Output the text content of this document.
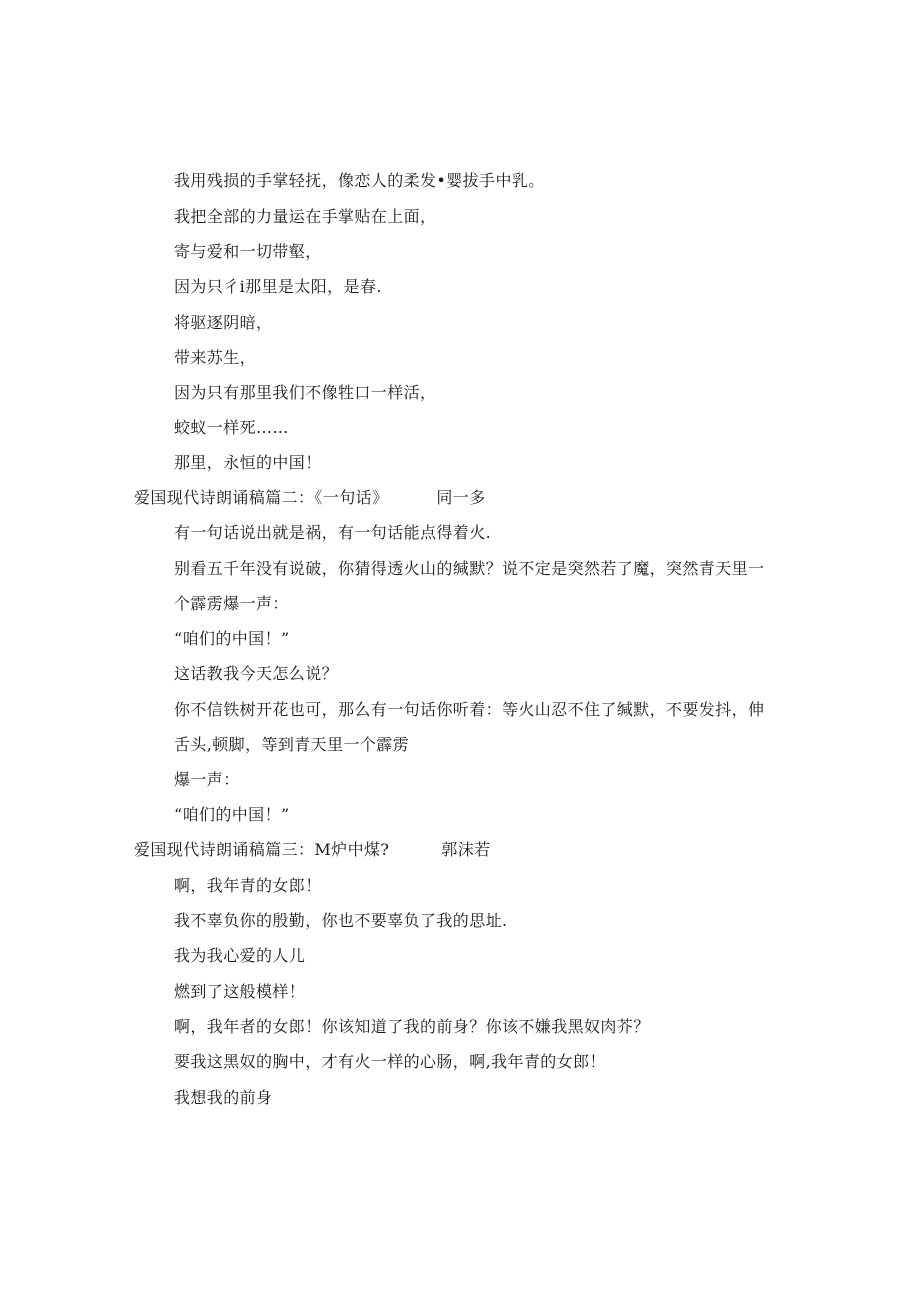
我用残损的手掌轻抚，像恋人的柔发•婴拔手中乳。
我把全部的力量运在手掌贴在上面，
寄与爱和一切带壑，
因为只彳i那里是太阳，是春.
将驱逐阴暗，
带来苏生，
因为只有那里我们不像牲口一样活，
蛟蚁一样死……
那里，永恒的中国！
爱国现代诗朗诵稿篇二：《一句话》	同一多
有一句话说出就是祸，有一句话能点得着火.
别看五千年没有说破，你猜得透火山的缄默？说不定是突然若了魔，突然青天里一
个霹雳爆一声：
“咱们的中国！”
这话教我今天怎么说？
你不信铁树开花也可，那么有一句话你听着：等火山忍不住了缄默，不要发抖，伸
舌头,顿脚，等到青天里一个霹雳
爆一声：
“咱们的中国！”
爱国现代诗朗诵稿篇三：M炉中煤?	郭沫若
啊，我年青的女郎！
我不辜负你的殷勤，你也不要辜负了我的思址.
我为我心爱的人儿
燃到了这般模样！
啊，我年者的女郎！你该知道了我的前身？你该不嫌我黑奴肉芥？
要我这黑奴的胸中，才有火一样的心肠，啊,我年青的女郎！
我想我的前身
